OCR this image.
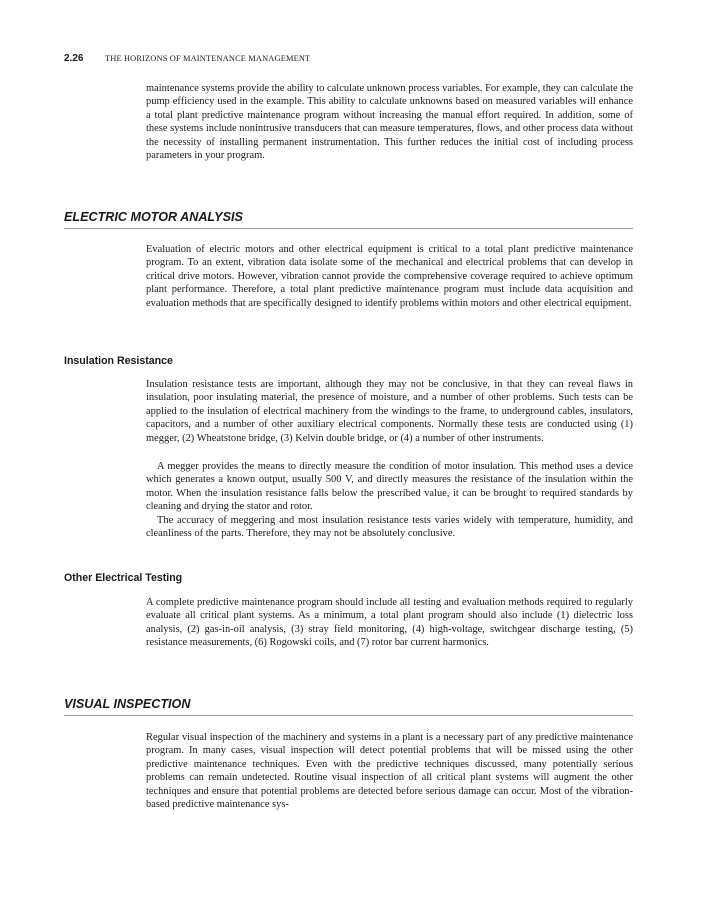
2.26	THE HORIZONS OF MAINTENANCE MANAGEMENT

maintenance systems provide the ability to calculate unknown process variables. For example, they can calculate the pump efficiency used in the example. This ability to calculate unknowns based on measured variables will enhance a total plant predictive maintenance program without increasing the manual effort required. In addition, some of these systems include nonintrusive transducers that can measure temperatures, flows, and other process data without the necessity of installing permanent instrumentation. This further reduces the initial cost of including process parameters in your program.

ELECTRIC MOTOR ANALYSIS

Evaluation of electric motors and other electrical equipment is critical to a total plant predictive maintenance program. To an extent, vibration data isolate some of the mechanical and electrical problems that can develop in critical drive motors. However, vibration cannot provide the comprehensive coverage required to achieve optimum plant performance. Therefore, a total plant predictive maintenance program must include data acquisition and evaluation methods that are specifically designed to identify problems within motors and other electrical equipment.

Insulation Resistance

Insulation resistance tests are important, although they may not be conclusive, in that they can reveal flaws in insulation, poor insulating material, the presence of moisture, and a number of other problems. Such tests can be applied to the insulation of electrical machinery from the windings to the frame, to underground cables, insulators, capacitors, and a number of other auxiliary electrical components. Normally these tests are conducted using (1) megger, (2) Wheatstone bridge, (3) Kelvin double bridge, or (4) a number of other instruments.

A megger provides the means to directly measure the condition of motor insulation. This method uses a device which generates a known output, usually 500 V, and directly measures the resistance of the insulation within the motor. When the insulation resistance falls below the prescribed value, it can be brought to required standards by cleaning and drying the stator and rotor.

The accuracy of meggering and most insulation resistance tests varies widely with temperature, humidity, and cleanliness of the parts. Therefore, they may not be absolutely conclusive.

Other Electrical Testing

A complete predictive maintenance program should include all testing and evaluation methods required to regularly evaluate all critical plant systems. As a minimum, a total plant program should also include (1) dielectric loss analysis, (2) gas-in-oil analysis, (3) stray field monitoring, (4) high-voltage, switchgear discharge testing, (5) resistance measurements, (6) Rogowski coils, and (7) rotor bar current harmonics.

VISUAL INSPECTION

Regular visual inspection of the machinery and systems in a plant is a necessary part of any predictive maintenance program. In many cases, visual inspection will detect potential problems that will be missed using the other predictive maintenance techniques. Even with the predictive techniques discussed, many potentially serious problems can remain undetected. Routine visual inspection of all critical plant systems will augment the other techniques and ensure that potential problems are detected before serious damage can occur. Most of the vibration-based predictive maintenance sys-
